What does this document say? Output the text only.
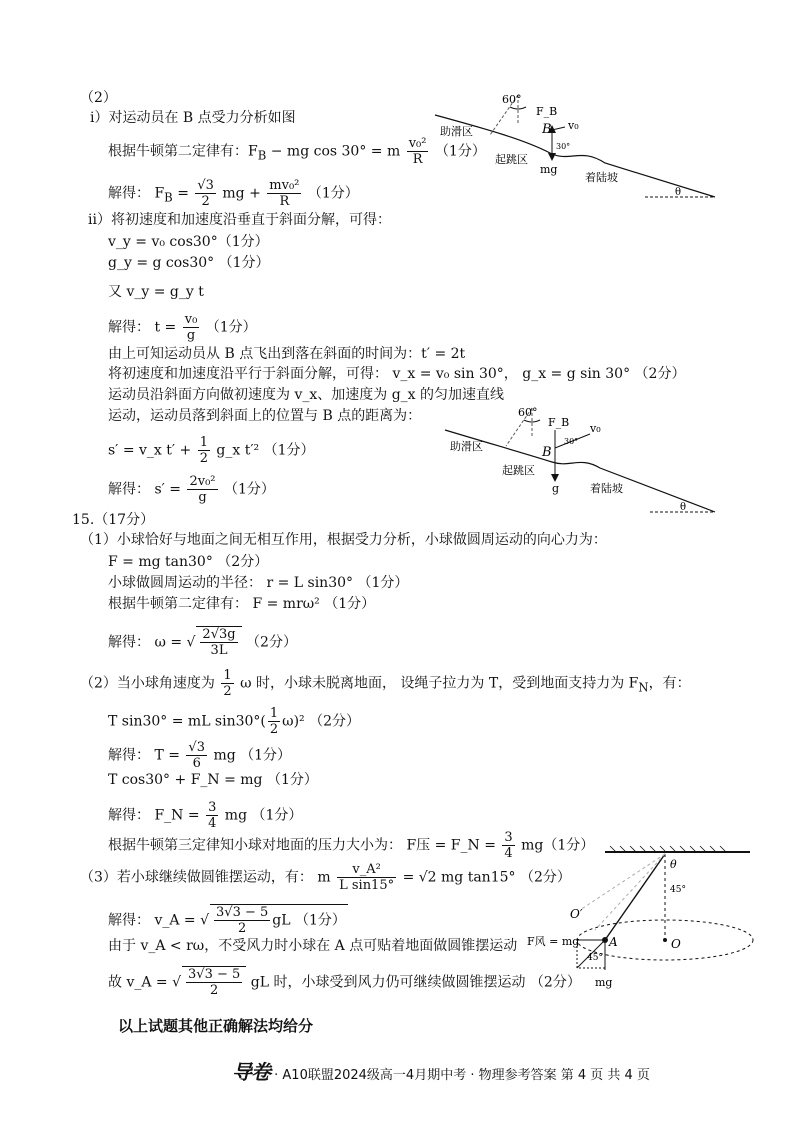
（2）
i）对运动员在 B 点受力分析如图
根据牛顿第二定律有：$F_B$ − mg cos 30° = m $\frac{\text{v₀²}}{R} (1$分）
解得： $F_B = \frac{√3}{2}$ mg + $\frac{\text{mv₀²}}{R} (1$分）
ii）将初速度和加速度沿垂直于斜面分解，可得：
v_y = v₀ cos30°（1分）
g_y = g cos30° （1分）
又 v_y = g_y t
解得： $t = \frac{\text{v₀}}{g} (1$分）
由上可知运动员从 B 点飞出到落在斜面的时间为：t′ = 2t
将初速度和加速度沿平行于斜面分解，可得： v_x = v₀ sin 30°， g_x = g sin 30° （2分）
运动员沿斜面方向做初速度为 v_x、加速度为 g_x 的匀加速直线
运动，运动员落到斜面上的位置与 B 点的距离为：
s′ = v_x $t' + \frac{1}{2}$ g_x t′² （1分）
解得： $s' = \frac{\text{2v₀²}}{g} (1$分）
60°
F_B
B v₀
mg
助滑区
起跳区
着陆坡
θ
30°
60°
F_B
B
v₀
g
助滑区
起跳区
着陆坡
θ
30°
15.（17分）
（1）小球恰好与地面之间无相互作用，根据受力分析，小球做圆周运动的向心力为：
F = mg tan30° （2分）
小球做圆周运动的半径： r = L sin30° （1分）
根据牛顿第二定律有： F = mrω² （1分）
解得： ω = √ $\frac{2√3g}{3L} (2$分）
（2）当小球角速度为 $\frac{1}{2}$ ω 时，小球未脱离地面， 设绳子拉力为 T，受到地面支持力为 $F_N$，有：
T sin30° = mL $\sin 30^\circ( \frac{1}{2} \omega)^2$ （2分）
解得： $T = \frac{√3}{6}$ mg （1分）
T cos30° + F_N = mg （1分）
解得： F_N = $\frac{3}{4}$ mg （1分）
根据牛顿第三定律知小球对地面的压力大小为： F压 = F_N = $\frac{3}{4} mg(1$分）
（3）若小球继续做圆锥摆运动，有： m $\frac{\text{v\_A²}}{\text{L sin15°}} = √2$ mg tan15° （2分）
解得： v_A = √ $\frac{3√3 - 5}{2}$ gL （1分）
由于 v_A < rω，不受风力时小球在 A 点可贴着地面做圆锥摆运动
故 v_A = √ $\frac{3√3 - 5}{2}$ gL 时，小球受到风力仍可继续做圆锥摆运动 （2分）
以上试题其他正确解法均给分
θ
45°
45°
O
O′
A
F风 = mg
mg
导卷 · A10联盟2024级高一4月期中考 · 物理参考答案 第 4 页 共 4 页
